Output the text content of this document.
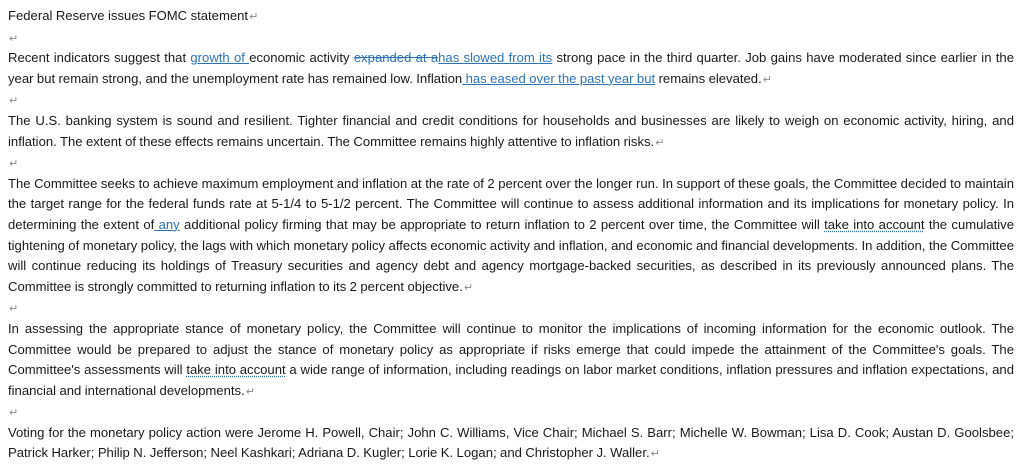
Federal Reserve issues FOMC statement↵

↵

Recent indicators suggest that growth of economic activity expanded at ahas slowed from its strong pace in the third quarter. Job gains have moderated since earlier in the year but remain strong, and the unemployment rate has remained low. Inflation has eased over the past year but remains elevated.↵

↵

The U.S. banking system is sound and resilient. Tighter financial and credit conditions for households and businesses are likely to weigh on economic activity, hiring, and inflation. The extent of these effects remains uncertain. The Committee remains highly attentive to inflation risks.↵

↵

The Committee seeks to achieve maximum employment and inflation at the rate of 2 percent over the longer run. In support of these goals, the Committee decided to maintain the target range for the federal funds rate at 5-1/4 to 5-1/2 percent. The Committee will continue to assess additional information and its implications for monetary policy. In determining the extent of any additional policy firming that may be appropriate to return inflation to 2 percent over time, the Committee will take into account the cumulative tightening of monetary policy, the lags with which monetary policy affects economic activity and inflation, and economic and financial developments. In addition, the Committee will continue reducing its holdings of Treasury securities and agency debt and agency mortgage-backed securities, as described in its previously announced plans. The Committee is strongly committed to returning inflation to its 2 percent objective.↵

↵

In assessing the appropriate stance of monetary policy, the Committee will continue to monitor the implications of incoming information for the economic outlook. The Committee would be prepared to adjust the stance of monetary policy as appropriate if risks emerge that could impede the attainment of the Committee's goals. The Committee's assessments will take into account a wide range of information, including readings on labor market conditions, inflation pressures and inflation expectations, and financial and international developments.↵

↵

Voting for the monetary policy action were Jerome H. Powell, Chair; John C. Williams, Vice Chair; Michael S. Barr; Michelle W. Bowman; Lisa D. Cook; Austan D. Goolsbee; Patrick Harker; Philip N. Jefferson; Neel Kashkari; Adriana D. Kugler; Lorie K. Logan; and Christopher J. Waller.↵
